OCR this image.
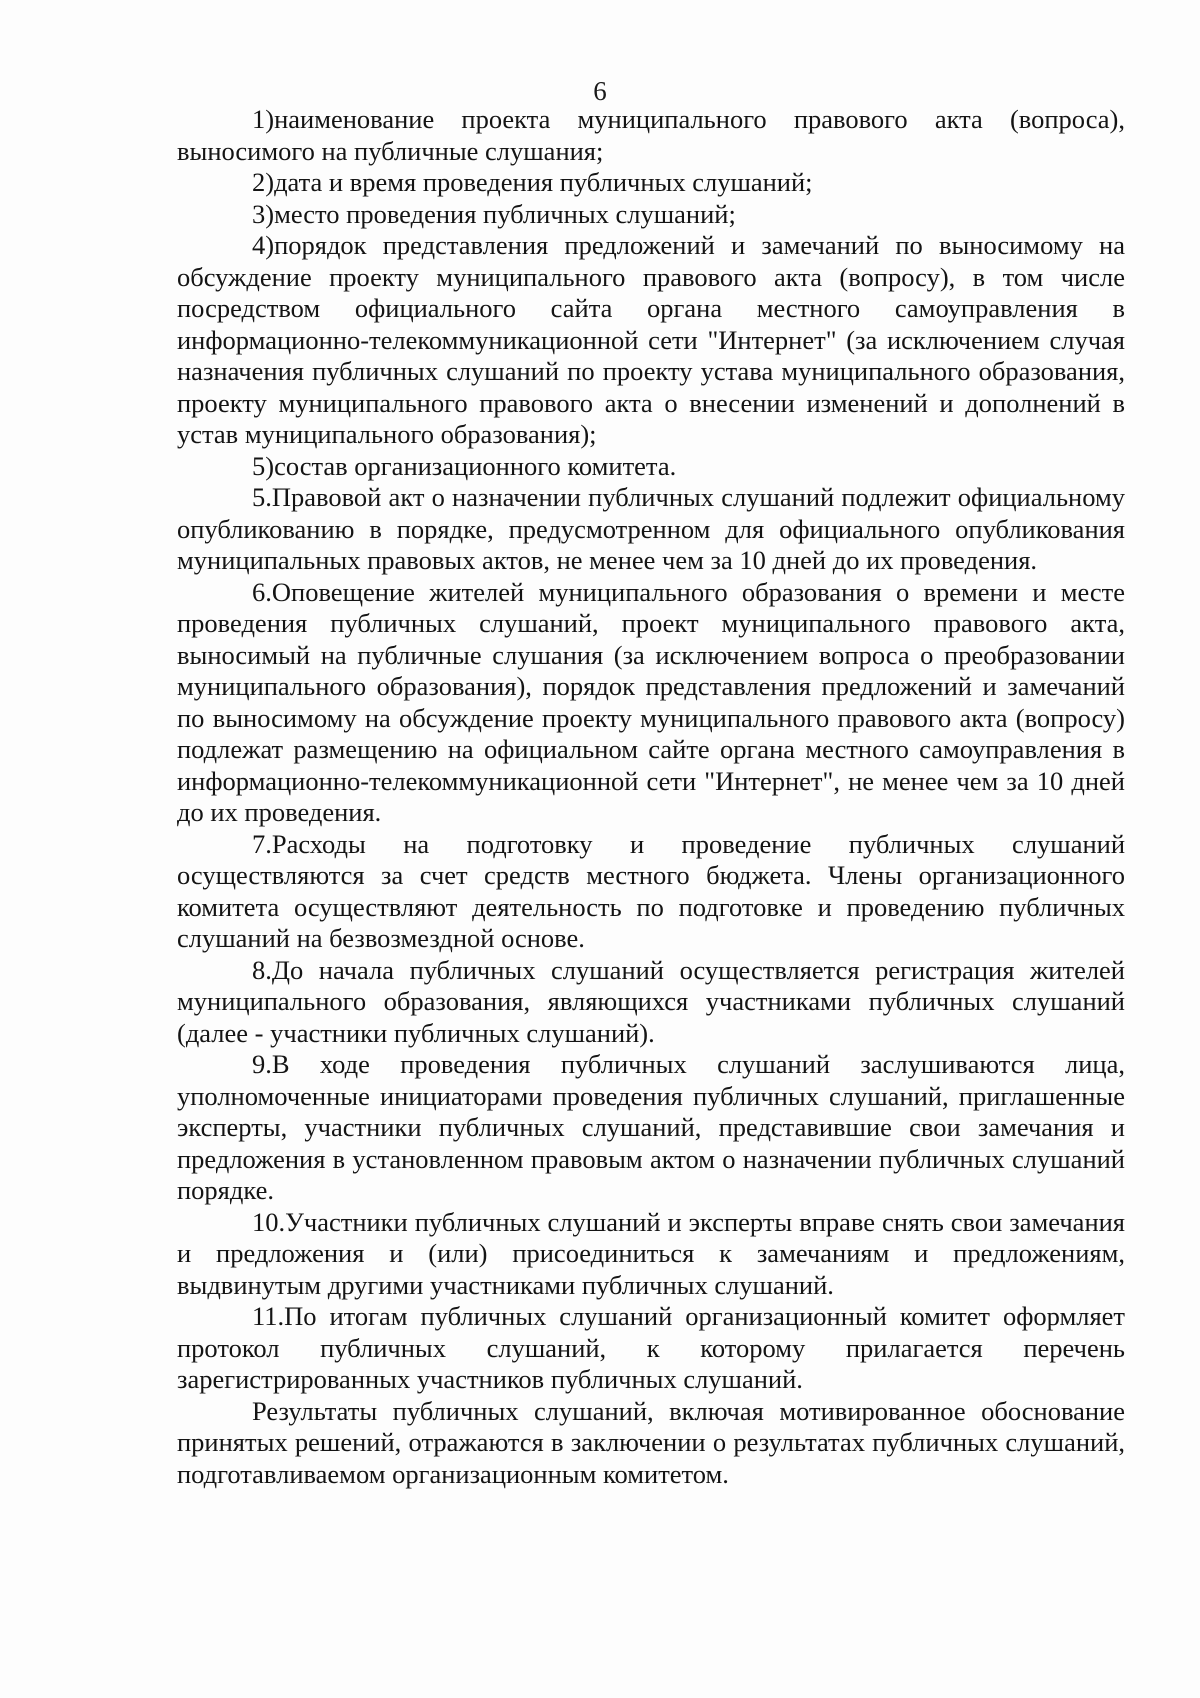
6

1)наименование проекта муниципального правового акта (вопроса), выносимого на публичные слушания;

2)дата и время проведения публичных слушаний;

3)место проведения публичных слушаний;

4)порядок представления предложений и замечаний по выносимому на обсуждение проекту муниципального правового акта (вопросу), в том числе посредством официального сайта органа местного самоуправления в информационно-телекоммуникационной сети "Интернет" (за исключением случая назначения публичных слушаний по проекту устава муниципального образования, проекту муниципального правового акта о внесении изменений и дополнений в устав муниципального образования);

5)состав организационного комитета.

5.Правовой акт о назначении публичных слушаний подлежит официальному опубликованию в порядке, предусмотренном для официального опубликования муниципальных правовых актов, не менее чем за 10 дней до их проведения.

6.Оповещение жителей муниципального образования о времени и месте проведения публичных слушаний, проект муниципального правового акта, выносимый на публичные слушания (за исключением вопроса о преобразовании муниципального образования), порядок представления предложений и замечаний по выносимому на обсуждение проекту муниципального правового акта (вопросу) подлежат размещению на официальном сайте органа местного самоуправления в информационно-телекоммуникационной сети "Интернет", не менее чем за 10 дней до их проведения.

7.Расходы на подготовку и проведение публичных слушаний осуществляются за счет средств местного бюджета. Члены организационного комитета осуществляют деятельность по подготовке и проведению публичных слушаний на безвозмездной основе.

8.До начала публичных слушаний осуществляется регистрация жителей муниципального образования, являющихся участниками публичных слушаний (далее - участники публичных слушаний).

9.В ходе проведения публичных слушаний заслушиваются лица, уполномоченные инициаторами проведения публичных слушаний, приглашенные эксперты, участники публичных слушаний, представившие свои замечания и предложения в установленном правовым актом о назначении публичных слушаний порядке.

10.Участники публичных слушаний и эксперты вправе снять свои замечания и предложения и (или) присоединиться к замечаниям и предложениям, выдвинутым другими участниками публичных слушаний.

11.По итогам публичных слушаний организационный комитет оформляет протокол публичных слушаний, к которому прилагается перечень зарегистрированных участников публичных слушаний.

Результаты публичных слушаний, включая мотивированное обоснование принятых решений, отражаются в заключении о результатах публичных слушаний, подготавливаемом организационным комитетом.
